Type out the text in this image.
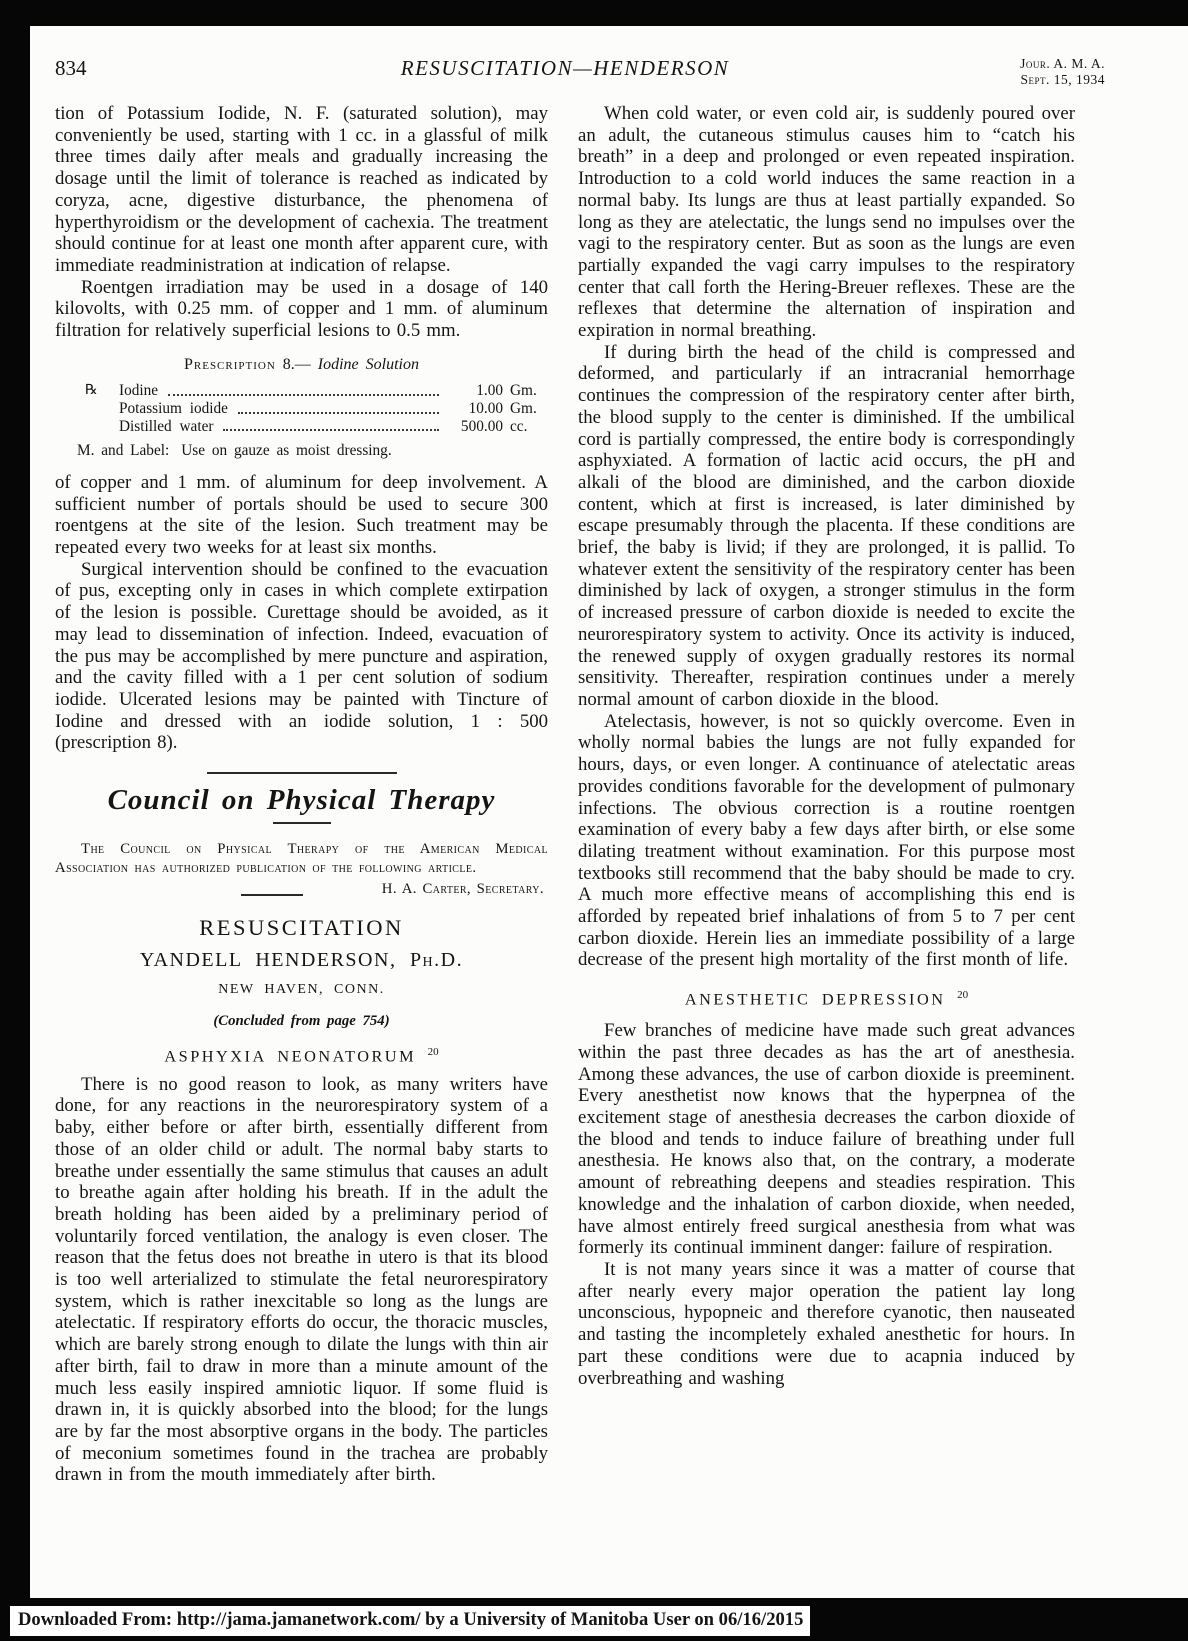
834	RESUSCITATION—HENDERSON	Jour. A. M. A.
Sept. 15, 1934

tion of Potassium Iodide, N. F. (saturated solution), may conveniently be used, starting with 1 cc. in a glassful of milk three times daily after meals and gradually increasing the dosage until the limit of tolerance is reached as indicated by coryza, acne, digestive disturbance, the phenomena of hyperthyroidism or the development of cachexia. The treatment should continue for at least one month after apparent cure, with immediate readministration at indication of relapse.

Roentgen irradiation may be used in a dosage of 140 kilovolts, with 0.25 mm. of copper and 1 mm. of aluminum filtration for relatively superficial lesions to 0.5 mm.

Prescription 8.— Iodine Solution
℞	Iodine	1.00 Gm.
Potassium iodide	10.00 Gm.
Distilled water	500.00 cc.
M. and Label: Use on gauze as moist dressing.

of copper and 1 mm. of aluminum for deep involvement. A sufficient number of portals should be used to secure 300 roentgens at the site of the lesion. Such treatment may be repeated every two weeks for at least six months.

Surgical intervention should be confined to the evacuation of pus, excepting only in cases in which complete extirpation of the lesion is possible. Curettage should be avoided, as it may lead to dissemination of infection. Indeed, evacuation of the pus may be accomplished by mere puncture and aspiration, and the cavity filled with a 1 per cent solution of sodium iodide. Ulcerated lesions may be painted with Tincture of Iodine and dressed with an iodide solution, 1 : 500 (prescription 8).

Council on Physical Therapy
The Council on Physical Therapy of the American Medical Association has authorized publication of the following article.
H. A. Carter, Secretary.
RESUSCITATION
YANDELL HENDERSON, Ph.D.
NEW HAVEN, CONN.
(Concluded from page 754)
ASPHYXIA NEONATORUM $^{20}$

There is no good reason to look, as many writers have done, for any reactions in the neurorespiratory system of a baby, either before or after birth, essentially different from those of an older child or adult. The normal baby starts to breathe under essentially the same stimulus that causes an adult to breathe again after holding his breath. If in the adult the breath holding has been aided by a preliminary period of voluntarily forced ventilation, the analogy is even closer. The reason that the fetus does not breathe in utero is that its blood is too well arterialized to stimulate the fetal neurorespiratory system, which is rather inexcitable so long as the lungs are atelectatic. If respiratory efforts do occur, the thoracic muscles, which are barely strong enough to dilate the lungs with thin air after birth, fail to draw in more than a minute amount of the much less easily inspired amniotic liquor. If some fluid is drawn in, it is quickly absorbed into the blood; for the lungs are by far the most absorptive organs in the body. The particles of meconium sometimes found in the trachea are probably drawn in from the mouth immediately after birth.

When cold water, or even cold air, is suddenly poured over an adult, the cutaneous stimulus causes him to “catch his breath” in a deep and prolonged or even repeated inspiration. Introduction to a cold world induces the same reaction in a normal baby. Its lungs are thus at least partially expanded. So long as they are atelectatic, the lungs send no impulses over the vagi to the respiratory center. But as soon as the lungs are even partially expanded the vagi carry impulses to the respiratory center that call forth the Hering-Breuer reflexes. These are the reflexes that determine the alternation of inspiration and expiration in normal breathing.

If during birth the head of the child is compressed and deformed, and particularly if an intracranial hemorrhage continues the compression of the respiratory center after birth, the blood supply to the center is diminished. If the umbilical cord is partially compressed, the entire body is correspondingly asphyxiated. A formation of lactic acid occurs, the pH and alkali of the blood are diminished, and the carbon dioxide content, which at first is increased, is later diminished by escape presumably through the placenta. If these conditions are brief, the baby is livid; if they are prolonged, it is pallid. To whatever extent the sensitivity of the respiratory center has been diminished by lack of oxygen, a stronger stimulus in the form of increased pressure of carbon dioxide is needed to excite the neurorespiratory system to activity. Once its activity is induced, the renewed supply of oxygen gradually restores its normal sensitivity. Thereafter, respiration continues under a merely normal amount of carbon dioxide in the blood.

Atelectasis, however, is not so quickly overcome. Even in wholly normal babies the lungs are not fully expanded for hours, days, or even longer. A continuance of atelectatic areas provides conditions favorable for the development of pulmonary infections. The obvious correction is a routine roentgen examination of every baby a few days after birth, or else some dilating treatment without examination. For this purpose most textbooks still recommend that the baby should be made to cry. A much more effective means of accomplishing this end is afforded by repeated brief inhalations of from 5 to 7 per cent carbon dioxide. Herein lies an immediate possibility of a large decrease of the present high mortality of the first month of life.

ANESTHETIC DEPRESSION $^{20}$

Few branches of medicine have made such great advances within the past three decades as has the art of anesthesia. Among these advances, the use of carbon dioxide is preeminent. Every anesthetist now knows that the hyperpnea of the excitement stage of anesthesia decreases the carbon dioxide of the blood and tends to induce failure of breathing under full anesthesia. He knows also that, on the contrary, a moderate amount of rebreathing deepens and steadies respiration. This knowledge and the inhalation of carbon dioxide, when needed, have almost entirely freed surgical anesthesia from what was formerly its continual imminent danger: failure of respiration.

It is not many years since it was a matter of course that after nearly every major operation the patient lay long unconscious, hypopneic and therefore cyanotic, then nauseated and tasting the incompletely exhaled anesthetic for hours. In part these conditions were due to acapnia induced by overbreathing and washing

Downloaded From: http://jama.jamanetwork.com/ by a University of Manitoba User on 06/16/2015
